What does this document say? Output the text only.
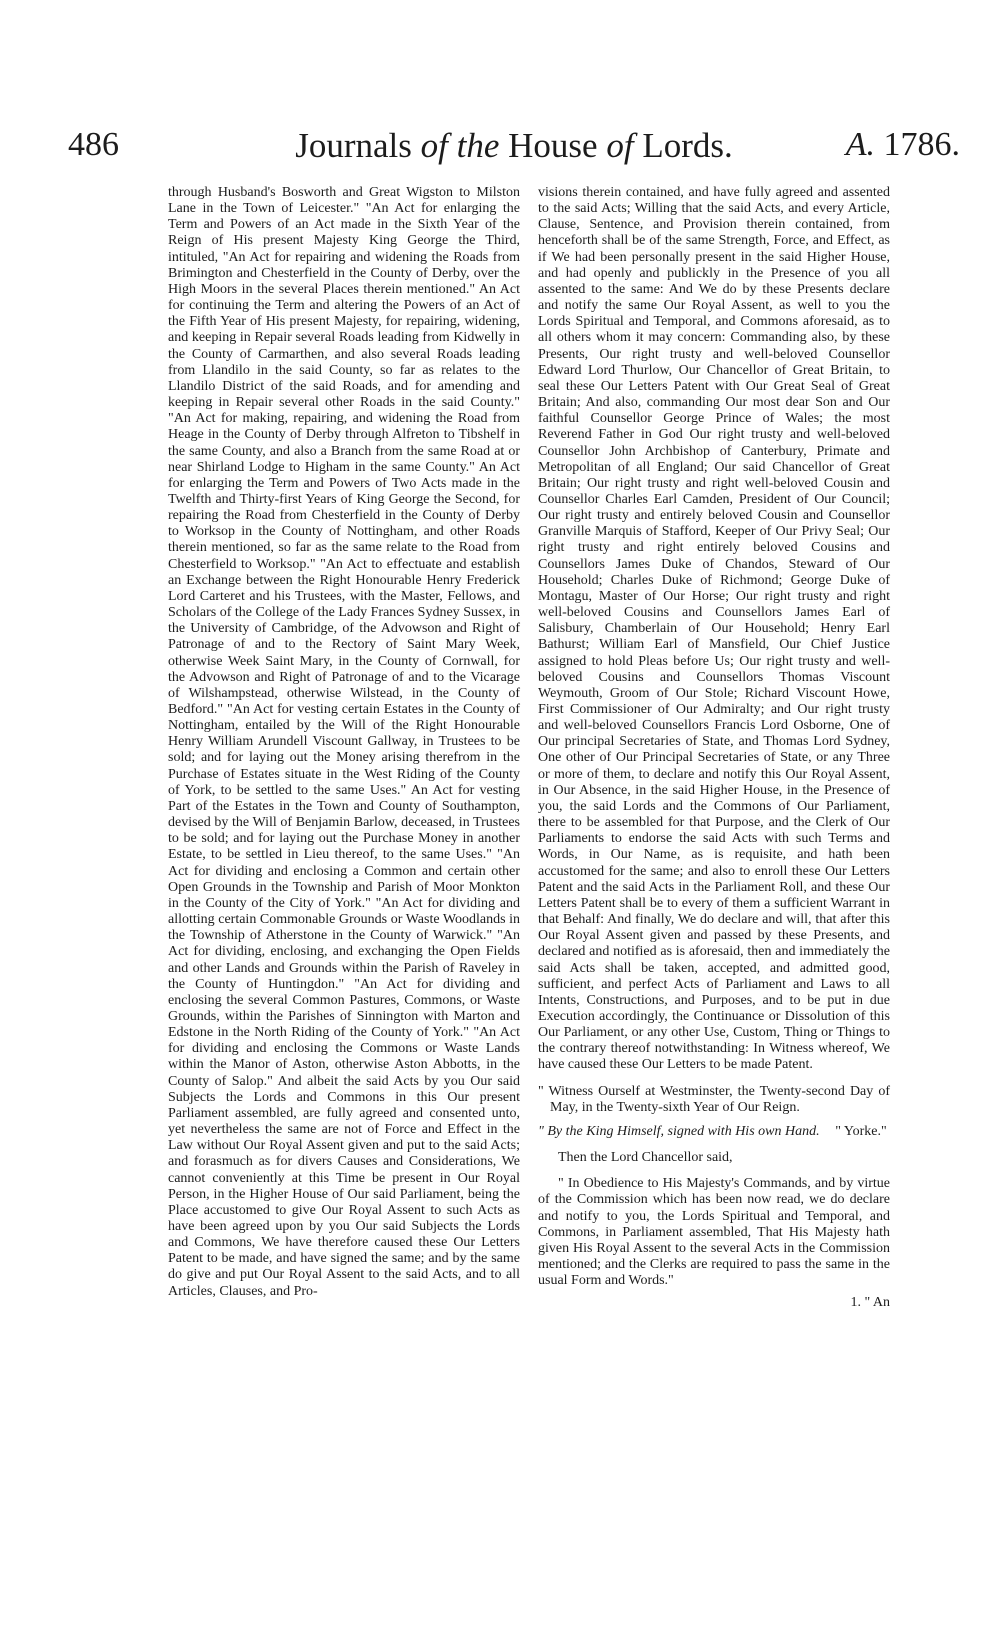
486	Journals of the House of Lords.	A. 1786.

through Husband's Bosworth and Great Wigston to Milston Lane in the Town of Leicester." "An Act for enlarging the Term and Powers of an Act made in the Sixth Year of the Reign of His present Majesty King George the Third, intituled, "An Act for repairing and widening the Roads from Brimington and Chesterfield in the County of Derby, over the High Moors in the several Places therein mentioned." An Act for continuing the Term and altering the Powers of an Act of the Fifth Year of His present Majesty, for repairing, widening, and keeping in Repair several Roads leading from Kidwelly in the County of Carmarthen, and also several Roads leading from Llandilo in the said County, so far as relates to the Llandilo District of the said Roads, and for amending and keeping in Repair several other Roads in the said County." "An Act for making, repairing, and widening the Road from Heage in the County of Derby through Alfreton to Tibshelf in the same County, and also a Branch from the same Road at or near Shirland Lodge to Higham in the same County." An Act for enlarging the Term and Powers of Two Acts made in the Twelfth and Thirty-first Years of King George the Second, for repairing the Road from Chesterfield in the County of Derby to Worksop in the County of Nottingham, and other Roads therein mentioned, so far as the same relate to the Road from Chesterfield to Worksop." "An Act to effectuate and establish an Exchange between the Right Honourable Henry Frederick Lord Carteret and his Trustees, with the Master, Fellows, and Scholars of the College of the Lady Frances Sydney Sussex, in the University of Cambridge, of the Advowson and Right of Patronage of and to the Rectory of Saint Mary Week, otherwise Week Saint Mary, in the County of Cornwall, for the Advowson and Right of Patronage of and to the Vicarage of Wilshampstead, otherwise Wilstead, in the County of Bedford." "An Act for vesting certain Estates in the County of Nottingham, entailed by the Will of the Right Honourable Henry William Arundell Viscount Gallway, in Trustees to be sold; and for laying out the Money arising therefrom in the Purchase of Estates situate in the West Riding of the County of York, to be settled to the same Uses." An Act for vesting Part of the Estates in the Town and County of Southampton, devised by the Will of Benjamin Barlow, deceased, in Trustees to be sold; and for laying out the Purchase Money in another Estate, to be settled in Lieu thereof, to the same Uses." "An Act for dividing and enclosing a Common and certain other Open Grounds in the Township and Parish of Moor Monkton in the County of the City of York." "An Act for dividing and allotting certain Commonable Grounds or Waste Woodlands in the Township of Atherstone in the County of Warwick." "An Act for dividing, enclosing, and exchanging the Open Fields and other Lands and Grounds within the Parish of Raveley in the County of Huntingdon." "An Act for dividing and enclosing the several Common Pastures, Commons, or Waste Grounds, within the Parishes of Sinnington with Marton and Edstone in the North Riding of the County of York." "An Act for dividing and enclosing the Commons or Waste Lands within the Manor of Aston, otherwise Aston Abbotts, in the County of Salop." And albeit the said Acts by you Our said Subjects the Lords and Commons in this Our present Parliament assembled, are fully agreed and consented unto, yet nevertheless the same are not of Force and Effect in the Law without Our Royal Assent given and put to the said Acts; and forasmuch as for divers Causes and Considerations, We cannot conveniently at this Time be present in Our Royal Person, in the Higher House of Our said Parliament, being the Place accustomed to give Our Royal Assent to such Acts as have been agreed upon by you Our said Subjects the Lords and Commons, We have therefore caused these Our Letters Patent to be made, and have signed the same; and by the same do give and put Our Royal Assent to the said Acts, and to all Articles, Clauses, and Pro-

visions therein contained, and have fully agreed and assented to the said Acts; Willing that the said Acts, and every Article, Clause, Sentence, and Provision therein contained, from henceforth shall be of the same Strength, Force, and Effect, as if We had been personally present in the said Higher House, and had openly and publickly in the Presence of you all assented to the same: And We do by these Presents declare and notify the same Our Royal Assent, as well to you the Lords Spiritual and Temporal, and Commons aforesaid, as to all others whom it may concern: Commanding also, by these Presents, Our right trusty and well-beloved Counsellor Edward Lord Thurlow, Our Chancellor of Great Britain, to seal these Our Letters Patent with Our Great Seal of Great Britain; And also, commanding Our most dear Son and Our faithful Counsellor George Prince of Wales; the most Reverend Father in God Our right trusty and well-beloved Counsellor John Archbishop of Canterbury, Primate and Metropolitan of all England; Our said Chancellor of Great Britain; Our right trusty and right well-beloved Cousin and Counsellor Charles Earl Camden, President of Our Council; Our right trusty and entirely beloved Cousin and Counsellor Granville Marquis of Stafford, Keeper of Our Privy Seal; Our right trusty and right entirely beloved Cousins and Counsellors James Duke of Chandos, Steward of Our Household; Charles Duke of Richmond; George Duke of Montagu, Master of Our Horse; Our right trusty and right well-beloved Cousins and Counsellors James Earl of Salisbury, Chamberlain of Our Household; Henry Earl Bathurst; William Earl of Mansfield, Our Chief Justice assigned to hold Pleas before Us; Our right trusty and well-beloved Cousins and Counsellors Thomas Viscount Weymouth, Groom of Our Stole; Richard Viscount Howe, First Commissioner of Our Admiralty; and Our right trusty and well-beloved Counsellors Francis Lord Osborne, One of Our principal Secretaries of State, and Thomas Lord Sydney, One other of Our Principal Secretaries of State, or any Three or more of them, to declare and notify this Our Royal Assent, in Our Absence, in the said Higher House, in the Presence of you, the said Lords and the Commons of Our Parliament, there to be assembled for that Purpose, and the Clerk of Our Parliaments to endorse the said Acts with such Terms and Words, in Our Name, as is requisite, and hath been accustomed for the same; and also to enroll these Our Letters Patent and the said Acts in the Parliament Roll, and these Our Letters Patent shall be to every of them a sufficient Warrant in that Behalf: And finally, We do declare and will, that after this Our Royal Assent given and passed by these Presents, and declared and notified as is aforesaid, then and immediately the said Acts shall be taken, accepted, and admitted good, sufficient, and perfect Acts of Parliament and Laws to all Intents, Constructions, and Purposes, and to be put in due Execution accordingly, the Continuance or Dissolution of this Our Parliament, or any other Use, Custom, Thing or Things to the contrary thereof notwithstanding: In Witness whereof, We have caused these Our Letters to be made Patent.

" Witness Ourself at Westminster, the Twenty-second Day of May, in the Twenty-sixth Year of Our Reign.

" By the King Himself, signed with His own Hand. " Yorke."

Then the Lord Chancellor said,

" In Obedience to His Majesty's Commands, and by virtue of the Commission which has been now read, we do declare and notify to you, the Lords Spiritual and Temporal, and Commons, in Parliament assembled, That His Majesty hath given His Royal Assent to the several Acts in the Commission mentioned; and the Clerks are required to pass the same in the usual Form and Words."

1. " An
